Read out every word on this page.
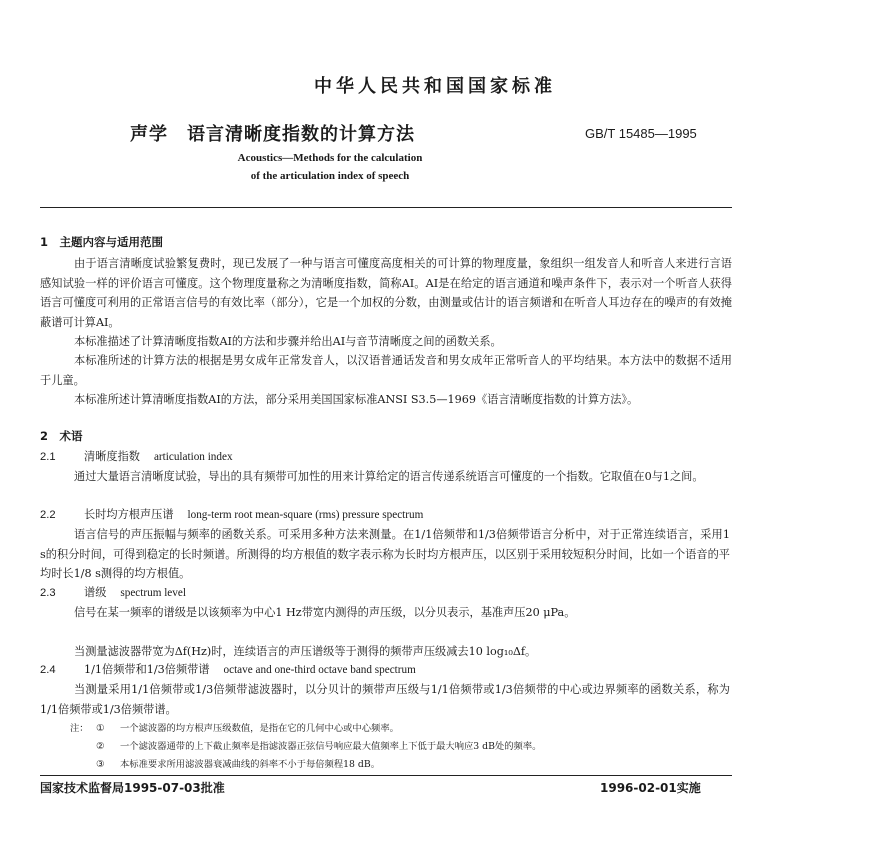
中华人民共和国国家标准
声学　语言清晰度指数的计算方法	GB/T 15485—1995
Acoustics—Methods for the calculation
of the articulation index of speech
1　主题内容与适用范围
由于语言清晰度试验繁复费时，现已发展了一种与语言可懂度高度相关的可计算的物理度量，象组织一组发音人和听音人来进行言语感知试验一样的评价语言可懂度。这个物理度量称之为清晰度指数，简称AI。AI是在给定的语言通道和噪声条件下，表示对一个听音人获得语言可懂度可利用的正常语言信号的有效比率（部分），它是一个加权的分数，由测量或估计的语言频谱和在听音人耳边存在的噪声的有效掩蔽谱可计算AI。
本标准描述了计算清晰度指数AI的方法和步骤并给出AI与音节清晰度之间的函数关系。
本标准所述的计算方法的根据是男女成年正常发音人，以汉语普通话发音和男女成年正常听音人的平均结果。本方法中的数据不适用于儿童。
本标准所述计算清晰度指数AI的方法，部分采用美国国家标准ANSI S3.5—1969《语言清晰度指数的计算方法》。
2　术语
2.1	清晰度指数 articulation index
通过大量语言清晰度试验，导出的具有频带可加性的用来计算给定的语言传递系统语言可懂度的一个指数。它取值在0与1之间。
2.2	长时均方根声压谱 long-term root mean-square (rms) pressure spectrum
语言信号的声压振幅与频率的函数关系。可采用多种方法来测量。在1/1倍频带和1/3倍频带语言分析中，对于正常连续语言，采用1 s的积分时间，可得到稳定的长时频谱。所测得的均方根值的数字表示称为长时均方根声压，以区别于采用较短积分时间，比如一个语音的平均时长1/8 s测得的均方根值。
2.3	谱级 spectrum level
信号在某一频率的谱级是以该频率为中心1 Hz带宽内测得的声压级，以分贝表示，基准声压20 μPa。
当测量滤波器带宽为Δf(Hz)时，连续语言的声压谱级等于测得的频带声压级减去10 log₁₀Δf。
2.4	1/1倍频带和1/3倍频带谱 octave and one-third octave band spectrum
当测量采用1/1倍频带或1/3倍频带滤波器时，以分贝计的频带声压级与1/1倍频带或1/3倍频带的中心或边界频率的函数关系，称为1/1倍频带或1/3倍频带谱。
注： ① 一个滤波器的均方根声压级数值，是指在它的几何中心或中心频率。
② 一个滤波器通带的上下截止频率是指滤波器正弦信号响应最大值频率上下低于最大响应3 dB处的频率。
③ 本标准要求所用滤波器衰减曲线的斜率不小于每倍频程18 dB。
国家技术监督局1995-07-03批准	1996-02-01实施
